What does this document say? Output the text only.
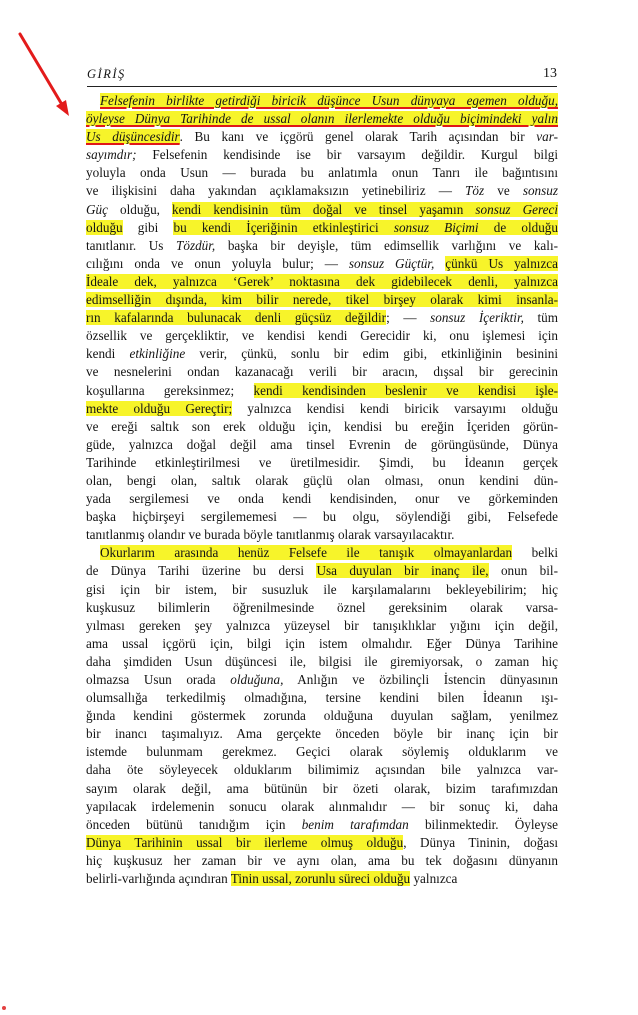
GİRİŞ	13
Felsefenin birlikte getirdiği biricik düşünce Usun dünyaya egemen olduğu,
öyleyse Dünya Tarihinde de ussal olanın ilerlemekte olduğu biçimindeki yalın
Us düşüncesidir. Bu kanı ve içgörü genel olarak Tarih açısından bir var-
sayımdır; Felsefenin kendisinde ise bir varsayım değildir. Kurgul bilgi
yoluyla onda Usun — burada bu anlatımla onun Tanrı ile bağıntısını
ve ilişkisini daha yakından açıklamaksızın yetinebiliriz — Töz ve sonsuz
Güç olduğu, kendi kendisinin tüm doğal ve tinsel yaşamın sonsuz Gereci
olduğu gibi bu kendi İçeriğinin etkinleştirici sonsuz Biçimi de olduğu
tanıtlanır. Us Tözdür, başka bir deyişle, tüm edimsellik varlığını ve kalı-
cılığını onda ve onun yoluyla bulur; — sonsuz Güçtür, çünkü Us yalnızca
İdeale dek, yalnızca ‘Gerek’ noktasına dek gidebilecek denli, yalnızca
edimselliğin dışında, kim bilir nerede, tikel birşey olarak kimi insanla-
rın kafalarında bulunacak denli güçsüz değildir; — sonsuz İçeriktir, tüm
özsellik ve gerçekliktir, ve kendisi kendi Gerecidir ki, onu işlemesi için
kendi etkinliğine verir, çünkü, sonlu bir edim gibi, etkinliğinin besinini
ve nesnelerini ondan kazanacağı verili bir aracın, dışsal bir gerecinin
koşullarına gereksinmez; kendi kendisinden beslenir ve kendisi işle-
mekte olduğu Gereçtir; yalnızca kendisi kendi biricik varsayımı olduğu
ve ereği saltık son erek olduğu için, kendisi bu ereğin İçeriden görün-
güde, yalnızca doğal değil ama tinsel Evrenin de görüngüsünde, Dünya
Tarihinde etkinleştirilmesi ve üretilmesidir. Şimdi, bu İdeanın gerçek
olan, bengi olan, saltık olarak güçlü olan olması, onun kendini dün-
yada sergilemesi ve onda kendi kendisinden, onur ve görkeminden
başka hiçbirşeyi sergilememesi — bu olgu, söylendiği gibi, Felsefede
tanıtlanmış olandır ve burada böyle tanıtlanmış olarak varsayılacaktır.
Okurlarım arasında henüz Felsefe ile tanışık olmayanlardan belki
de Dünya Tarihi üzerine bu dersi Usa duyulan bir inanç ile, onun bil-
gisi için bir istem, bir susuzluk ile karşılamalarını bekleyebilirim; hiç
kuşkusuz bilimlerin öğrenilmesinde öznel gereksinim olarak varsa-
yılması gereken şey yalnızca yüzeysel bir tanışıklıklar yığını için değil,
ama ussal içgörü için, bilgi için istem olmalıdır. Eğer Dünya Tarihine
daha şimdiden Usun düşüncesi ile, bilgisi ile giremiyorsak, o zaman hiç
olmazsa Usun orada olduğuna, Anlığın ve özbilinçli İstencin dünyasının
olumsallığa terkedilmiş olmadığına, tersine kendini bilen İdeanın ışı-
ğında kendini göstermek zorunda olduğuna duyulan sağlam, yenilmez
bir inancı taşımalıyız. Ama gerçekte önceden böyle bir inanç için bir
istemde bulunmam gerekmez. Geçici olarak söylemiş olduklarım ve
daha öte söyleyecek olduklarım bilimimiz açısından bile yalnızca var-
sayım olarak değil, ama bütünün bir özeti olarak, bizim tarafımızdan
yapılacak irdelemenin sonucu olarak alınmalıdır — bir sonuç ki, daha
önceden bütünü tanıdığım için benim tarafımdan bilinmektedir. Öyleyse
Dünya Tarihinin ussal bir ilerleme olmuş olduğu, Dünya Tininin, doğası
hiç kuşkusuz her zaman bir ve aynı olan, ama bu tek doğasını dünyanın
belirli-varlığında açındıran Tinin ussal, zorunlu süreci olduğu yalnızca
